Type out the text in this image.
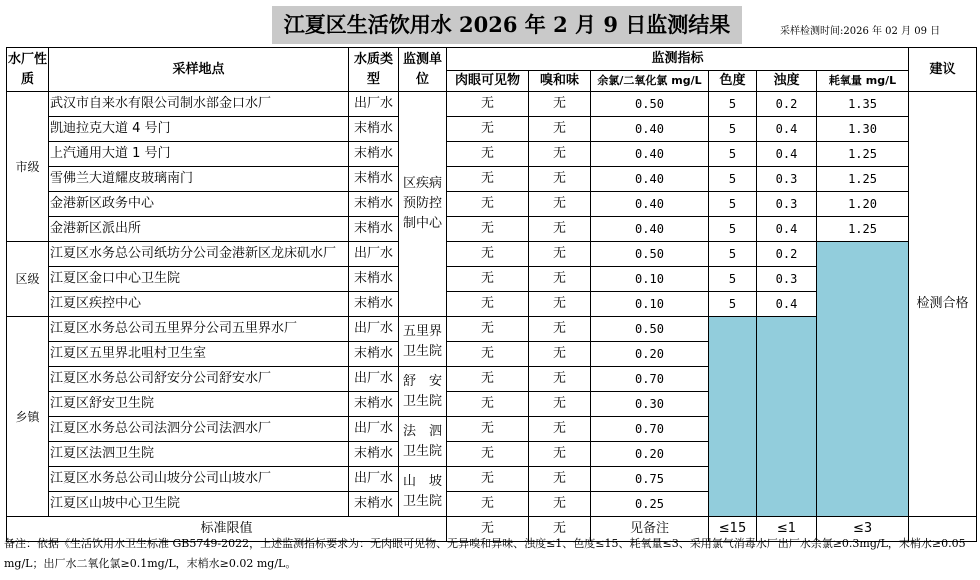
江夏区生活饮用水 2026 年 2 月 9 日监测结果	采样检测时间:2026 年 02 月 09 日
水厂性质	采样地点	水质类型	监测单位	监测指标						建议
				肉眼可见物	嗅和味	余氯/二氧化氯 mg/L	色度	浊度	耗氧量 mg/L	
市级	武汉市自来水有限公司制水部金口水厂	出厂水	区疾病预防控制中心	无	无	0.50	5	0.2	1.35	检测合格
	凯迪拉克大道 4 号门	末梢水		无	无	0.40	5	0.4	1.30	
	上汽通用大道 1 号门	末梢水		无	无	0.40	5	0.4	1.25	
	雪佛兰大道耀皮玻璃南门	末梢水		无	无	0.40	5	0.3	1.25	
	金港新区政务中心	末梢水		无	无	0.40	5	0.3	1.20	
	金港新区派出所	末梢水		无	无	0.40	5	0.4	1.25	
区级	江夏区水务总公司纸坊分公司金港新区龙床矶水厂	出厂水		无	无	0.50	5	0.2		
	江夏区金口中心卫生院	末梢水		无	无	0.10	5	0.3		
	江夏区疾控中心	末梢水		无	无	0.10	5	0.4		
乡镇	江夏区水务总公司五里界分公司五里界水厂	出厂水	五里界卫生院	无	无	0.50				
	江夏区五里界北咀村卫生室	末梢水		无	无	0.20				
	江夏区水务总公司舒安分公司舒安水厂	出厂水	舒　安卫生院	无	无	0.70				
	江夏区舒安卫生院	末梢水		无	无	0.30				
	江夏区水务总公司法泗分公司法泗水厂	出厂水	法　泗卫生院	无	无	0.70				
	江夏区法泗卫生院	末梢水		无	无	0.20				
	江夏区水务总公司山坡分公司山坡水厂	出厂水	山　坡卫生院	无	无	0.75				
	江夏区山坡中心卫生院	末梢水		无	无	0.25				
标准限值				无	无	见备注	≤15	≤1	≤3	
备注：依据《生活饮用水卫生标准 GB5749-2022，上述监测指标要求为：无肉眼可见物、无异嗅和异味、浊度≤1、色度≤15、耗氧量≤3、采用氯气消毒水厂出厂水余氯≥0.3mg/L，末梢水≥0.05 mg/L；出厂水二氧化氯≥0.1mg/L，末梢水≥0.02 mg/L。
